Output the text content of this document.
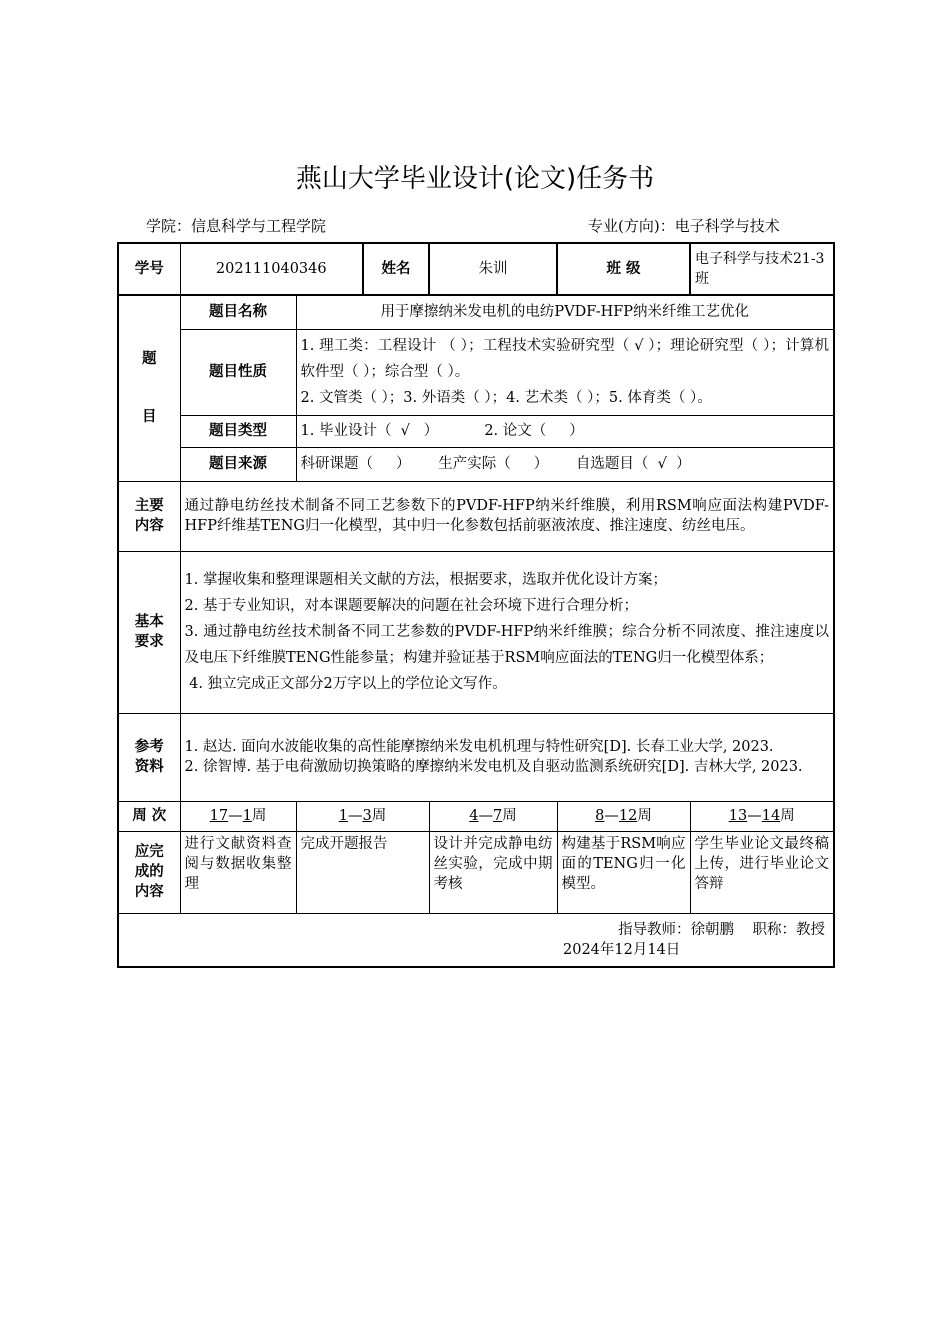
燕山大学毕业设计(论文)任务书
学院：信息科学与工程学院	专业(方向)：电子科学与技术
学号	202111040346		姓名	朱训	班 级	电子科学与技术21-3班

题
目	题目名称	用于摩擦纳米发电机的电纺PVDF-HFP纳米纤维工艺优化				
	题目性质	1. 理工类：工程设计 （ ）；工程技术实验研究型（ √ ）；理论研究型（ ）；计算机软件型（ ）；综合型（ ）。
2. 文管类（ ）；3. 外语类（ ）；4. 艺术类（ ）；5. 体育类（ ）。				

	题目类型	1. 毕业设计（  √   ）          2. 论文（     ）				
	题目来源	科研课题（     ）      生产实际（     ）      自选题目（  √  ）				
主要内容	通过静电纺丝技术制备不同工艺参数下的PVDF-HFP纳米纤维膜，利用RSM响应面法构建PVDF-HFP纤维基TENG归一化模型，其中归一化参数包括前驱液浓度、推注速度、纺丝电压。					
基本要求	1. 掌握收集和整理课题相关文献的方法，根据要求，选取并优化设计方案；
2. 基于专业知识，对本课题要解决的问题在社会环境下进行合理分析；
3. 通过静电纺丝技术制备不同工艺参数的PVDF-HFP纳米纤维膜；综合分析不同浓度、推注速度以及电压下纤维膜TENG性能参量；构建并验证基于RSM响应面法的TENG归一化模型体系；
4. 独立完成正文部分2万字以上的学位论文写作。					

参考资料	1. 赵达. 面向水波能收集的高性能摩擦纳米发电机机理与特性研究[D]. 长春工业大学, 2023.
2. 徐智博. 基于电荷激励切换策略的摩擦纳米发电机及自驱动监测系统研究[D]. 吉林大学, 2023.					

周 次	17—1周	1—3周		4—7周	8—12周	13—14周
应完成的内容	进行文献资料查阅与数据收集整理	完成开题报告		设计并完成静电纺丝实验，完成中期考核	构建基于RSM响应面的TENG归一化模型。	学生毕业论文最终稿上传，进行毕业论文答辩

指导教师：徐朝鹏 职称：教授
2024年12月14日						
